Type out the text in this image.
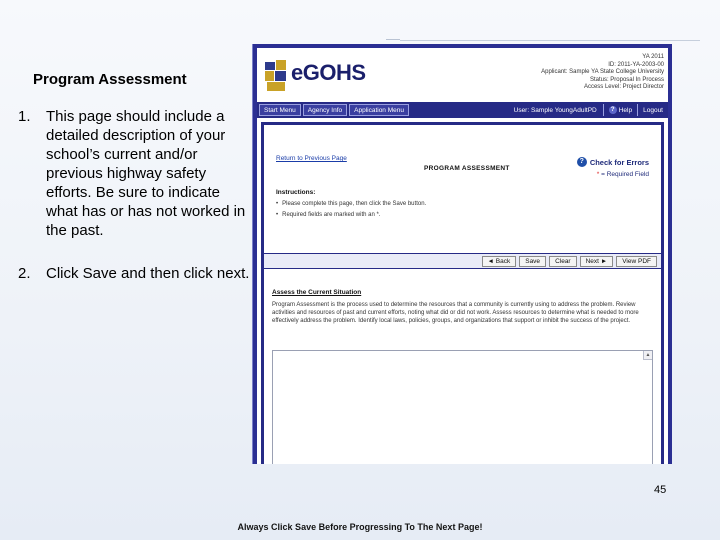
Program Assessment
1.	This page should include a detailed description of your school’s current and/or previous highway safety efforts. Be sure to indicate what has or has not worked in the past.
2.	Click Save and then click next.
eGOHS
YA 2011
ID: 2011-YA-2003-00
Applicant: Sample YA State College University
Status: Proposal In Process
Access Level: Project Director
Start Menu	Agency Info	Application Menu	User: Sample YoungAdultPD	? Help	Logout
Return to Previous Page
PROGRAM ASSESSMENT
? Check for Errors
* = Required Field
Instructions:
• Please complete this page, then click the Save button.
• Required fields are marked with an *.
◄ Back	Save	Clear	Next ►	View PDF
Assess the Current Situation
Program Assessment is the process used to determine the resources that a community is currently using to address the problem. Review activities and resources of past and current efforts, noting what did or did not work. Assess resources to determine what is needed to more effectively address the problem. Identify local laws, policies, groups, and organizations that support or inhibit the success of the project.
▲
45
Always Click Save Before Progressing To The Next Page!
